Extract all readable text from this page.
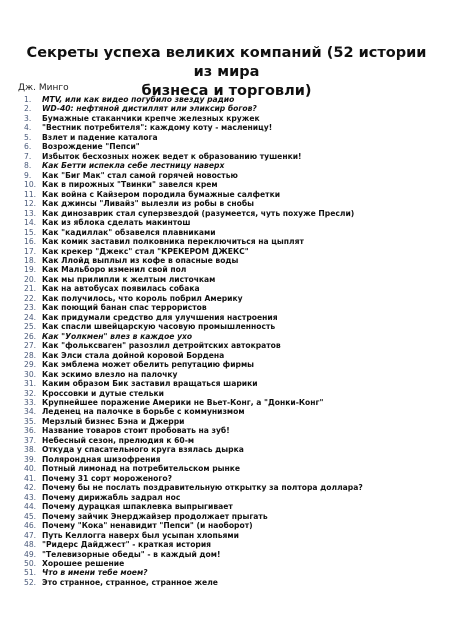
Секреты успеха великих компаний (52 истории из мира
бизнеса и торговли)
Дж. Минго
1. MTV, или как видео погубило звезду радио
2. WD-40: нефтяной дистиллят или эликсир богов?
3. Бумажные стаканчики крепче железных кружек
4. "Вестник потребителя": каждому коту - масленицу!
5. Взлет и падение каталога
6. Возрождение "Пепси"
7. Избыток бесхозных ножек ведет к образованию тушенки!
8. Как Бетти испекла себе лестницу наверх
9. Как "Биг Мак" стал самой горячей новостью
10. Как в пирожных "Твинки" завелся крем
11. Как война с Кайзером породила бумажные салфетки
12. Как джинсы "Ливайз" вылезли из робы в снобы
13. Как динозаврик стал суперзвездой (разумеется, чуть похуже Пресли)
14. Как из яблока сделать макинтош
15. Как "кадиллак" обзавелся плавниками
16. Как комик заставил полковника переключиться на цыплят
17. Как крекер "Джекс" стал "КРЕКЕРОМ ДЖЕКС"
18. Как Ллойд выплыл из кофе в опасные воды
19. Как Мальборо изменил свой пол
20. Как мы прилипли к желтым листочкам
21. Как на автобусах появилась собака
22. Как получилось, что король побрил Америку
23. Как поющий банан спас террористов
24. Как придумали средство для улучшения настроения
25. Как спасли швейцарскую часовую промышленность
26. Как "Уолкмен" влез в каждое ухо
27. Как "фольксваген" разозлил детройтских автократов
28. Как Элси стала дойной коровой Бордена
29. Как эмблема может обелить репутацию фирмы
30. Как эскимо влезло на палочку
31. Каким образом Бик заставил вращаться шарики
32. Кроссовки и дутые стельки
33. Крупнейшее поражение Америки не Вьет-Конг, а "Донки-Конг"
34. Леденец на палочке в борьбе с коммунизмом
35. Мерзлый бизнес Бэна и Джерри
36. Название товаров стоит пробовать на зуб!
37. Небесный сезон, прелюдия к 60-м
38. Откуда у спасательного круга взялась дырка
39. Полярондная шизофрения
40. Потный лимонад на потребительском рынке
41. Почему 31 сорт мороженого?
42. Почему бы не послать поздравительную открытку за полтора доллара?
43. Почему дирижабль задрал нос
44. Почему дурацкая шпаклевка выпрыгивает
45. Почему зайчик Энерджайзер продолжает прыгать
46. Почему "Кока" ненавидит "Пепси" (и наоборот)
47. Путь Келлогга наверх был усыпан хлопьями
48. "Ридерс Дайджест" - краткая история
49. "Телевизорные обеды" - в каждый дом!
50. Хорошее решение
51. Что в имени тебе моем?
52. Это странное, странное, странное желе
